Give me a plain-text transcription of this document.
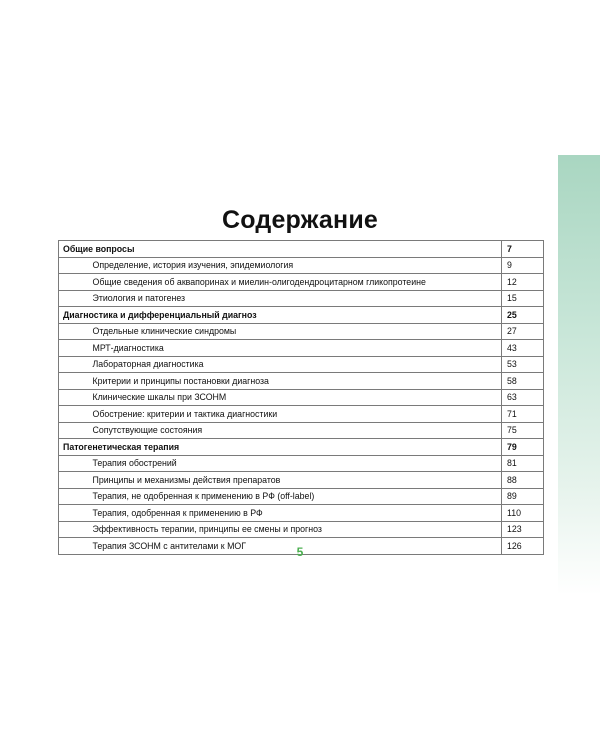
Содержание
Общие вопросы		7
	Определение, история изучения, эпидемиология	9
	Общие сведения об аквапоринах и миелин-олигодендроцитарном гликопротеине	12
	Этиология и патогенез	15
Диагностика и дифференциальный диагноз		25
	Отдельные клинические синдромы	27
	МРТ-диагностика	43
	Лабораторная диагностика	53
	Критерии и принципы постановки диагноза	58
	Клинические шкалы при ЗСОНМ	63
	Обострение: критерии и тактика диагностики	71
	Сопутствующие состояния	75
Патогенетическая терапия		79
	Терапия обострений	81
	Принципы и механизмы действия препаратов	88
	Терапия, не одобренная к применению в РФ (off-label)	89
	Терапия, одобренная к применению в РФ	110
	Эффективность терапии, принципы ее смены и прогноз	123
	Терапия ЗСОНМ с антителами к МОГ	126
5
